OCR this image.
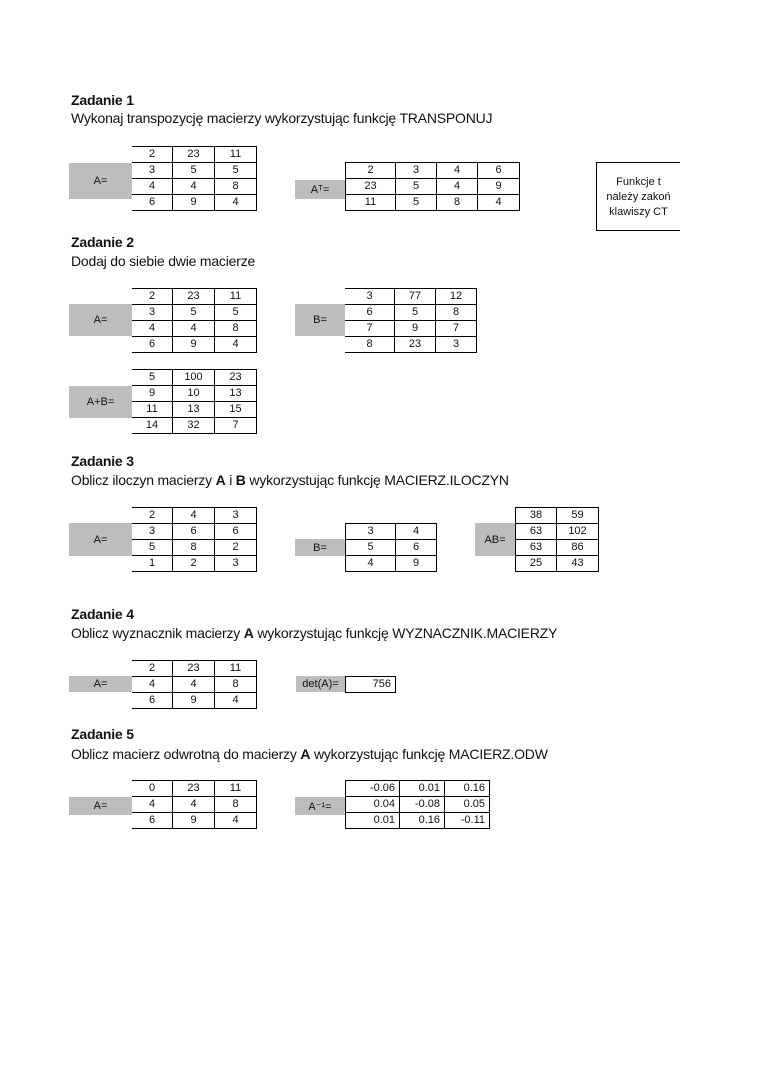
Zadanie 1
Wykonaj transpozycję macierzy wykorzystując funkcję TRANSPONUJ
A=
2	23	11
3	5	5
4	4	8
6	9	4
Aᵀ=
2	3	4	6
23	5	4	9
11	5	8	4
Funkcje t
należy zakoń
klawiszy CT
Zadanie 2
Dodaj do siebie dwie macierze
A=
2	23	11
3	5	5
4	4	8
6	9	4
B=
3	77	12
6	5	8
7	9	7
8	23	3
A+B=
5	100	23
9	10	13
11	13	15
14	32	7
Zadanie 3
Oblicz iloczyn macierzy A i B wykorzystując funkcję MACIERZ.ILOCZYN
A=
2	4	3
3	6	6
5	8	2
1	2	3
B=
3	4
5	6
4	9
AB=
38	59
63	102
63	86
25	43
Zadanie 4
Oblicz wyznacznik macierzy A wykorzystując funkcję WYZNACZNIK.MACIERZY
A=
2	23	11
4	4	8
6	9	4
det(A)=	756
Zadanie 5
Oblicz macierz odwrotną do macierzy A wykorzystując funkcję MACIERZ.ODW
A=
0	23	11
4	4	8
6	9	4
A⁻¹=
-0.06	0.01	0.16
0.04	-0.08	0.05
0.01	0.16	-0.11
